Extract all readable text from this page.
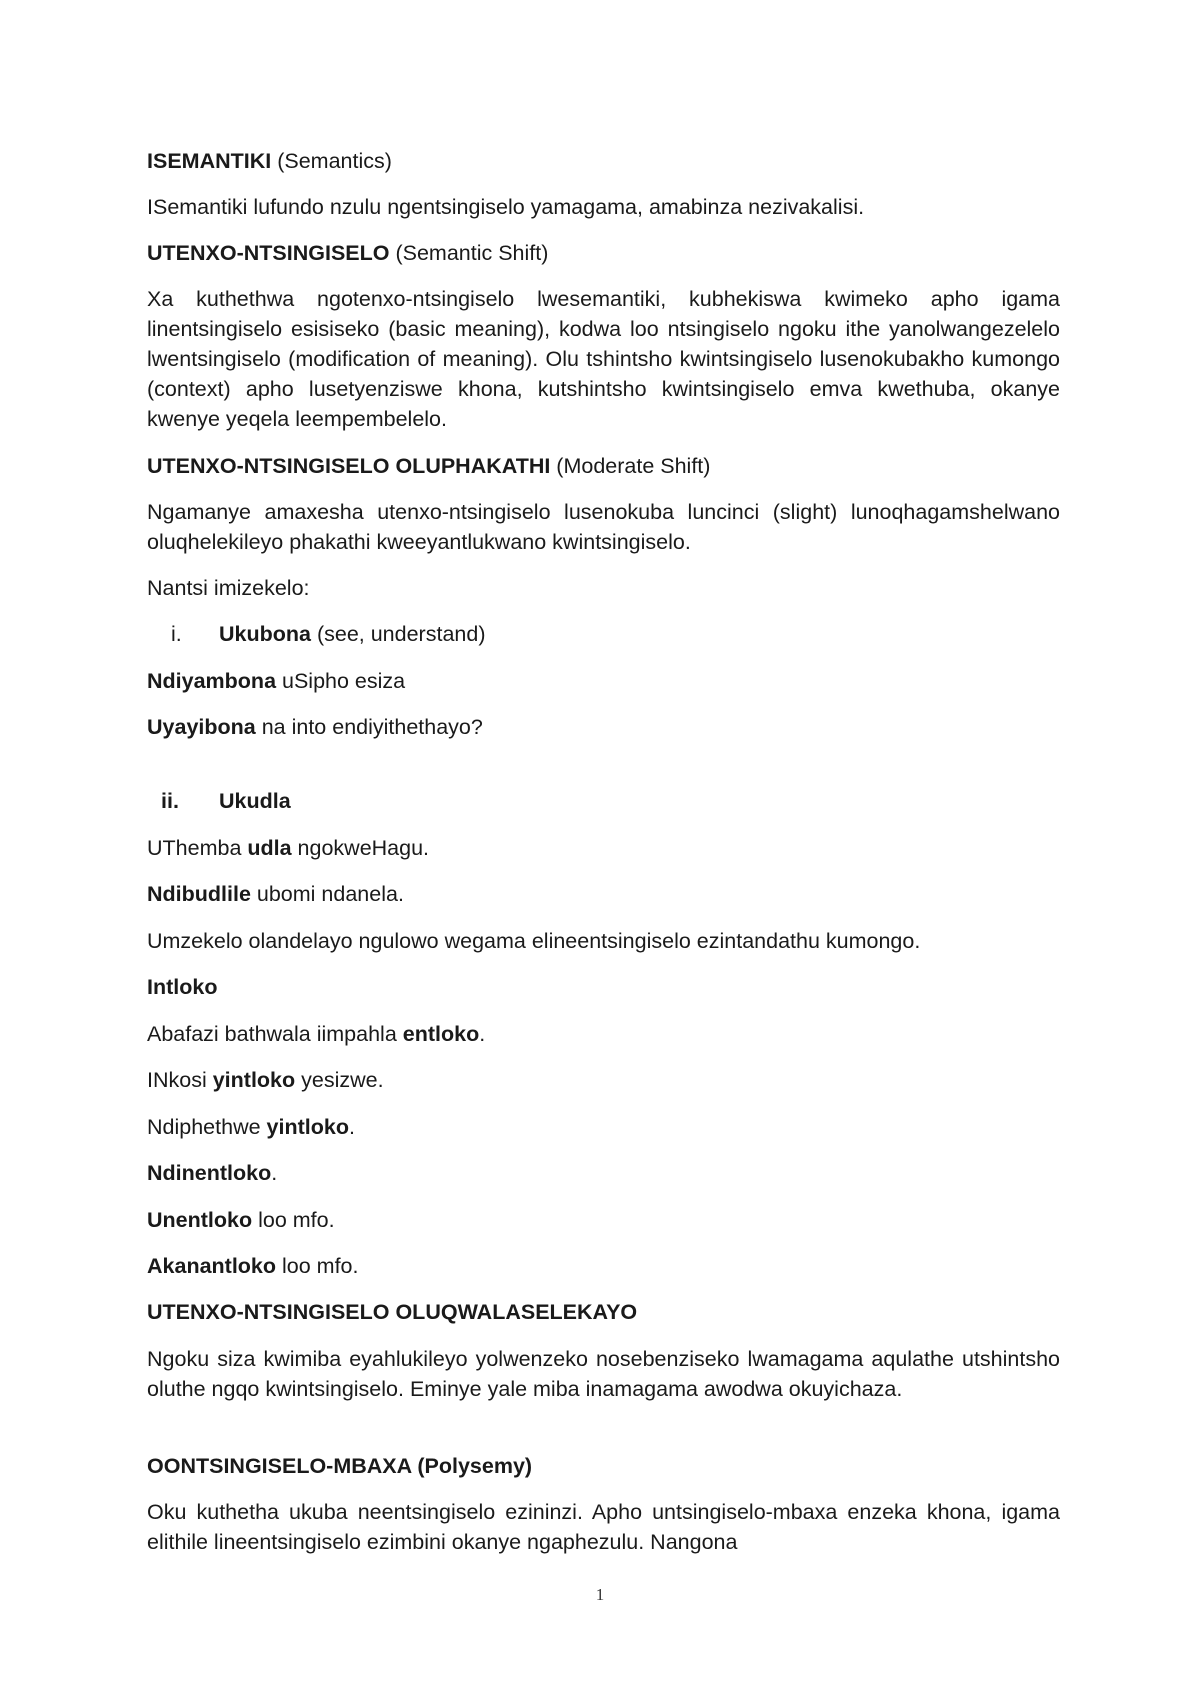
ISEMANTIKI (Semantics)

ISemantiki lufundo nzulu ngentsingiselo yamagama, amabinza nezivakalisi.

UTENXO-NTSINGISELO (Semantic Shift)

Xa kuthethwa ngotenxo-ntsingiselo lwesemantiki, kubhekiswa kwimeko apho igama linentsingiselo esisiseko (basic meaning), kodwa loo ntsingiselo ngoku ithe yanolwangezelelo lwentsingiselo (modification of meaning). Olu tshintsho kwintsingiselo lusenokubakho kumongo (context) apho lusetyenziswe khona, kutshintsho kwintsingiselo emva kwethuba, okanye kwenye yeqela leempembelelo.

UTENXO-NTSINGISELO OLUPHAKATHI (Moderate Shift)

Ngamanye amaxesha utenxo-ntsingiselo lusenokuba luncinci (slight) lunoqhagamshelwano oluqhelekileyo phakathi kweeyantlukwano kwintsingiselo.

Nantsi imizekelo:

i. Ukubona (see, understand)

Ndiyambona uSipho esiza

Uyayibona na into endiyithethayo?

ii. Ukudla

UThemba udla ngokweHagu.

Ndibudlile ubomi ndanela.

Umzekelo olandelayo ngulowo wegama elineentsingiselo ezintandathu kumongo.

Intloko

Abafazi bathwala iimpahla entloko.

INkosi yintloko yesizwe.

Ndiphethwe yintloko.

Ndinentloko.

Unentloko loo mfo.

Akanantloko loo mfo.

UTENXO-NTSINGISELO OLUQWALASELEKAYO

Ngoku siza kwimiba eyahlukileyo yolwenzeko nosebenziseko lwamagama aqulathe utshintsho oluthe ngqo kwintsingiselo. Eminye yale miba inamagama awodwa okuyichaza.

OONTSINGISELO-MBAXA (Polysemy)

Oku kuthetha ukuba neentsingiselo ezininzi. Apho untsingiselo-mbaxa enzeka khona, igama elithile lineentsingiselo ezimbini okanye ngaphezulu. Nangona

1
